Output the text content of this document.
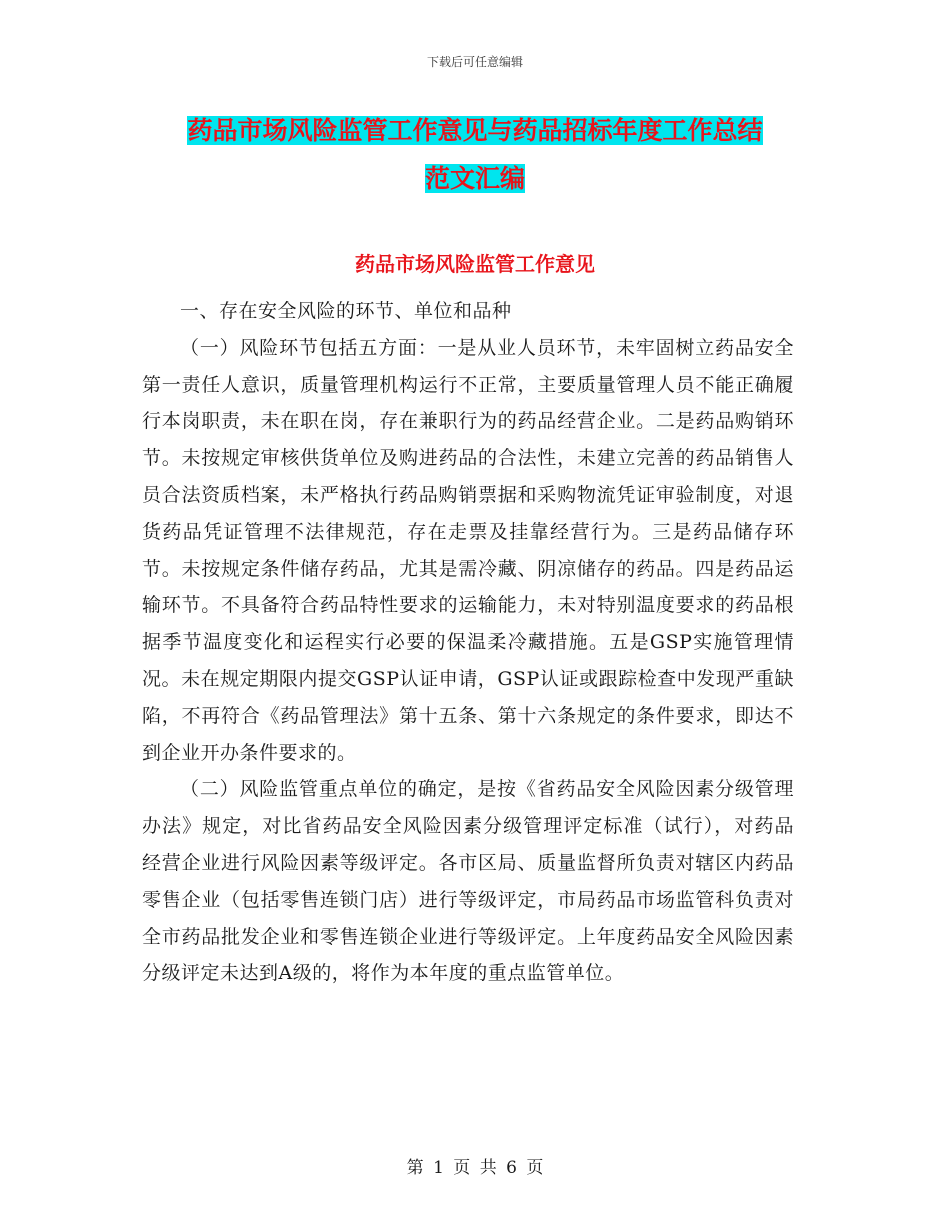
下载后可任意编辑
药品市场风险监管工作意见与药品招标年度工作总结
范文汇编
药品市场风险监管工作意见

一、存在安全风险的环节、单位和品种

（一）风险环节包括五方面：一是从业人员环节，未牢固树立药品安全第一责任人意识，质量管理机构运行不正常，主要质量管理人员不能正确履行本岗职责，未在职在岗，存在兼职行为的药品经营企业。二是药品购销环节。未按规定审核供货单位及购进药品的合法性，未建立完善的药品销售人员合法资质档案，未严格执行药品购销票据和采购物流凭证审验制度，对退货药品凭证管理不法律规范，存在走票及挂靠经营行为。三是药品储存环节。未按规定条件储存药品，尤其是需冷藏、阴凉储存的药品。四是药品运输环节。不具备符合药品特性要求的运输能力，未对特别温度要求的药品根据季节温度变化和运程实行必要的保温柔冷藏措施。五是GSP实施管理情况。未在规定期限内提交GSP认证申请，GSP认证或跟踪检查中发现严重缺陷，不再符合《药品管理法》第十五条、第十六条规定的条件要求，即达不到企业开办条件要求的。

（二）风险监管重点单位的确定，是按《省药品安全风险因素分级管理办法》规定，对比省药品安全风险因素分级管理评定标准（试行），对药品经营企业进行风险因素等级评定。各市区局、质量监督所负责对辖区内药品零售企业（包括零售连锁门店）进行等级评定，市局药品市场监管科负责对全市药品批发企业和零售连锁企业进行等级评定。上年度药品安全风险因素分级评定未达到A级的，将作为本年度的重点监管单位。

第 1 页 共 6 页
